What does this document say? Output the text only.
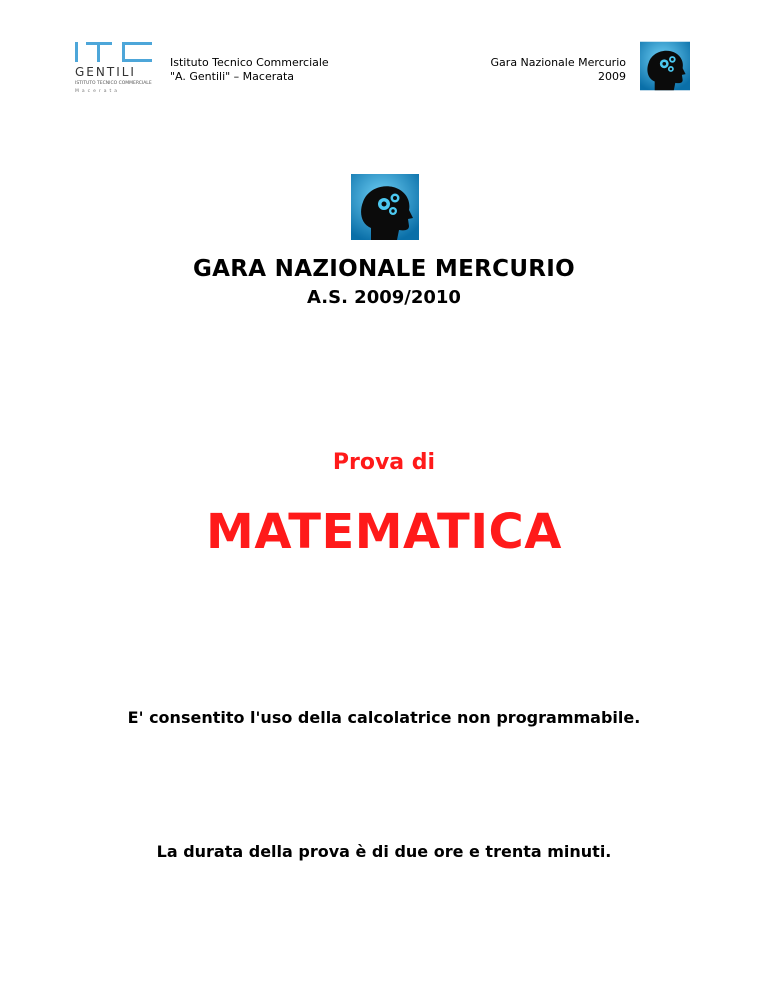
GENTILI
ISTITUTO TECNICO COMMERCIALE
Macerata
Istituto Tecnico Commerciale
"A. Gentili" – Macerata
Gara Nazionale Mercurio
2009
GARA NAZIONALE MERCURIO
A.S. 2009/2010
Prova di
MATEMATICA
E' consentito l'uso della calcolatrice non programmabile.
La durata della prova è di due ore e trenta minuti.
